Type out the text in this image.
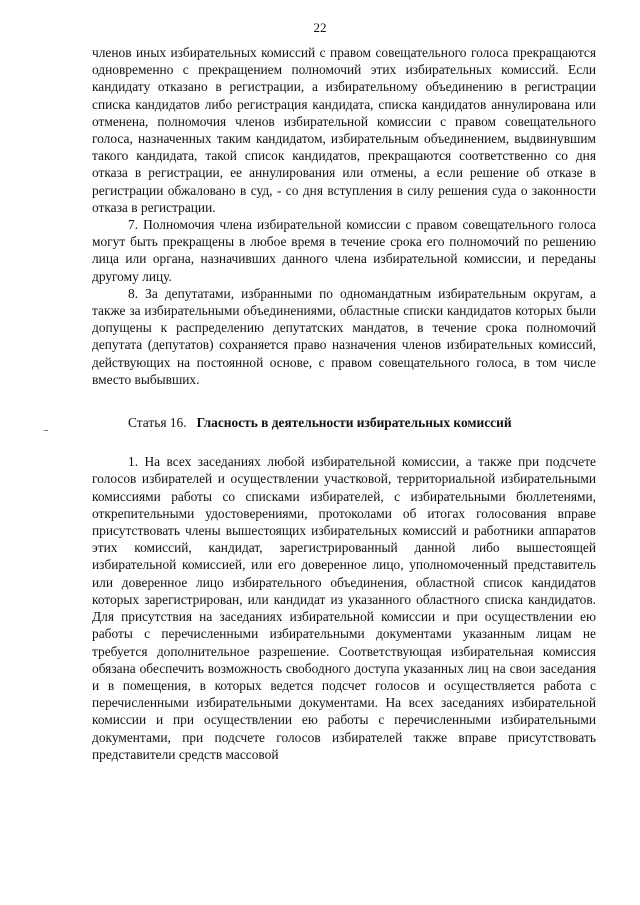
22

членов иных избирательных комиссий с правом совещательного голоса прекращаются одновременно с прекращением полномочий этих избирательных комиссий. Если кандидату отказано в регистрации, а избирательному объединению в регистрации списка кандидатов либо регистрация кандидата, списка кандидатов аннулирована или отменена, полномочия членов избирательной комиссии с правом совещательного голоса, назначенных таким кандидатом, избирательным объединением, выдвинувшим такого кандидата, такой список кандидатов, прекращаются соответственно со дня отказа в регистрации, ее аннулирования или отмены, а если решение об отказе в регистрации обжаловано в суд, - со дня вступления в силу решения суда о законности отказа в регистрации.

7. Полномочия члена избирательной комиссии с правом совещательного голоса могут быть прекращены в любое время в течение срока его полномочий по решению лица или органа, назначивших данного члена избирательной комиссии, и переданы другому лицу.

8. За депутатами, избранными по одномандатным избирательным округам, а также за избирательными объединениями, областные списки кандидатов которых были допущены к распределению депутатских мандатов, в течение срока полномочий депутата (депутатов) сохраняется право назначения членов избирательных комиссий, действующих на постоянной основе, с правом совещательного голоса, в том числе вместо выбывших.

Статья 16. Гласность в деятельности избирательных комиссий

1. На всех заседаниях любой избирательной комиссии, а также при подсчете голосов избирателей и осуществлении участковой, территориальной избирательными комиссиями работы со списками избирателей, с избирательными бюллетенями, открепительными удостоверениями, протоколами об итогах голосования вправе присутствовать члены вышестоящих избирательных комиссий и работники аппаратов этих комиссий, кандидат, зарегистрированный данной либо вышестоящей избирательной комиссией, или его доверенное лицо, уполномоченный представитель или доверенное лицо избирательного объединения, областной список кандидатов которых зарегистрирован, или кандидат из указанного областного списка кандидатов. Для присутствия на заседаниях избирательной комиссии и при осуществлении ею работы с перечисленными избирательными документами указанным лицам не требуется дополнительное разрешение. Соответствующая избирательная комиссия обязана обеспечить возможность свободного доступа указанных лиц на свои заседания и в помещения, в которых ведется подсчет голосов и осуществляется работа с перечисленными избирательными документами. На всех заседаниях избирательной комиссии и при осуществлении ею работы с перечисленными избирательными документами, при подсчете голосов избирателей также вправе присутствовать представители средств массовой
